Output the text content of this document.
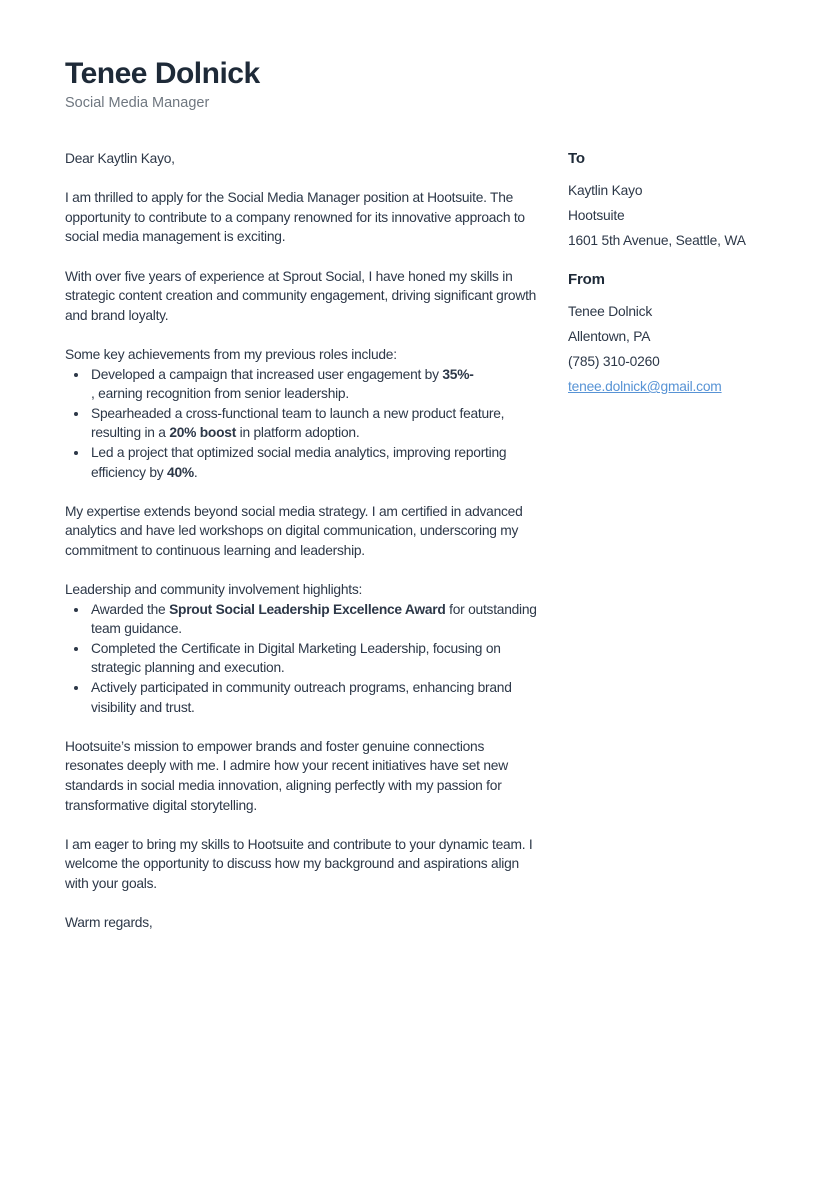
Tenee Dolnick
Social Media Manager

Dear Kaytlin Kayo,

I am thrilled to apply for the Social Media Manager position at Hootsuite. The opportunity to contribute to a company renowned for its innovative approach to social media management is exciting.

With over five years of experience at Sprout Social, I have honed my skills in strategic content creation and community engagement, driving significant growth and brand loyalty.

Some key achievements from my previous roles include:

• Developed a campaign that increased user engagement by 35%-
, earning recognition from senior leadership.
• Spearheaded a cross-functional team to launch a new product feature, resulting in a 20% boost in platform adoption.
• Led a project that optimized social media analytics, improving reporting efficiency by 40%.

My expertise extends beyond social media strategy. I am certified in advanced analytics and have led workshops on digital communication, underscoring my commitment to continuous learning and leadership.

Leadership and community involvement highlights:

• Awarded the Sprout Social Leadership Excellence Award for outstanding team guidance.
• Completed the Certificate in Digital Marketing Leadership, focusing on strategic planning and execution.
• Actively participated in community outreach programs, enhancing brand visibility and trust.

Hootsuite’s mission to empower brands and foster genuine connections resonates deeply with me. I admire how your recent initiatives have set new standards in social media innovation, aligning perfectly with my passion for transformative digital storytelling.

I am eager to bring my skills to Hootsuite and contribute to your dynamic team. I welcome the opportunity to discuss how my background and aspirations align with your goals.

Warm regards,

To
Kaytlin Kayo
Hootsuite
1601 5th Avenue, Seattle, WA
From
Tenee Dolnick
Allentown, PA
(785) 310-0260
tenee.dolnick@gmail.com
